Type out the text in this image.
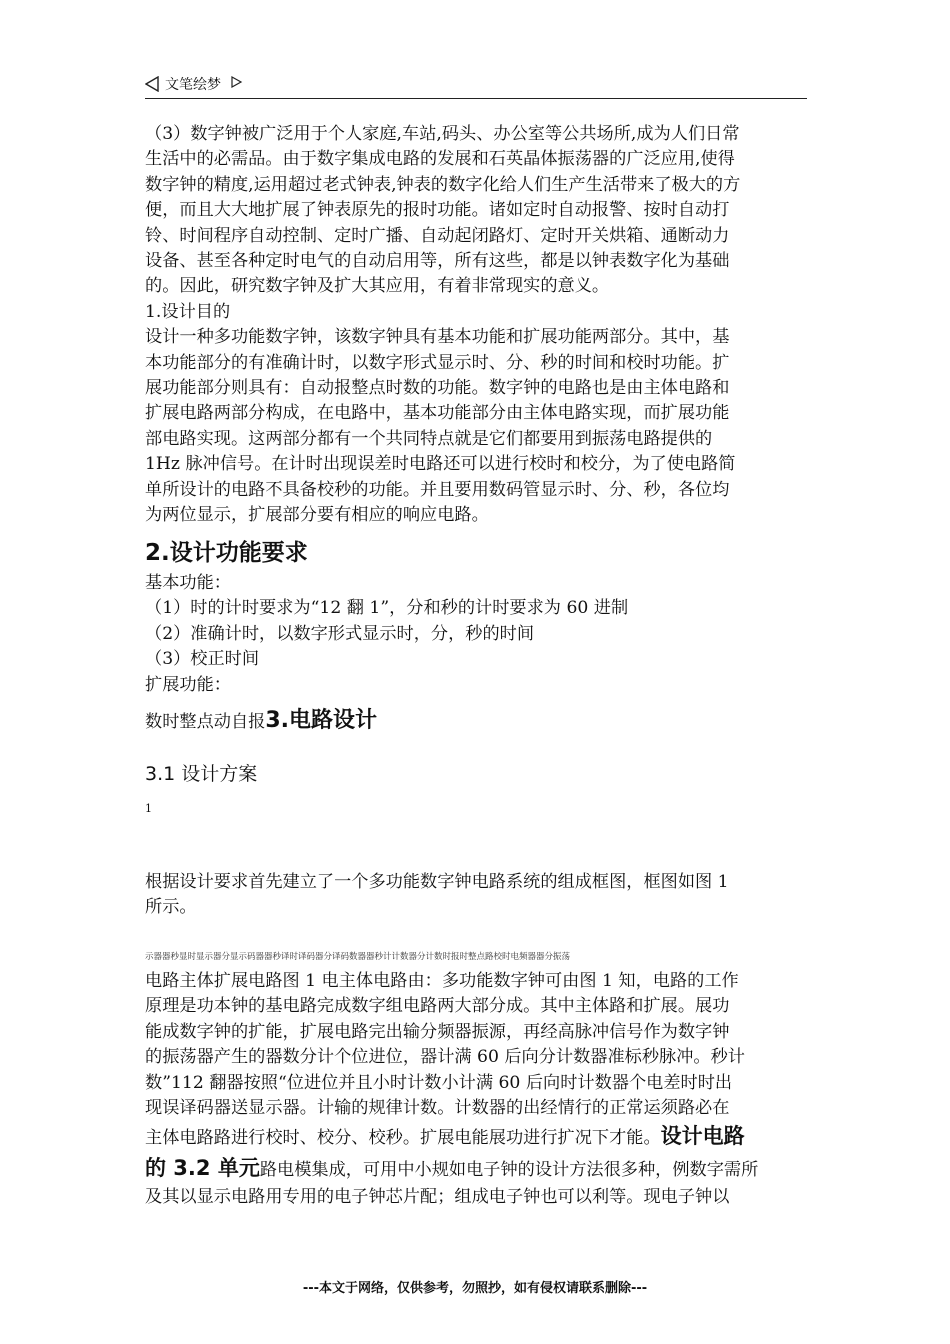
文笔绘梦
（3）数字钟被广泛用于个人家庭,车站,码头、办公室等公共场所,成为人们日常
生活中的必需品。由于数字集成电路的发展和石英晶体振荡器的广泛应用,使得
数字钟的精度,运用超过老式钟表,钟表的数字化给人们生产生活带来了极大的方
便，而且大大地扩展了钟表原先的报时功能。诸如定时自动报警、按时自动打
铃、时间程序自动控制、定时广播、自动起闭路灯、定时开关烘箱、通断动力
设备、甚至各种定时电气的自动启用等，所有这些，都是以钟表数字化为基础
的。因此，研究数字钟及扩大其应用，有着非常现实的意义。
1.设计目的
设计一种多功能数字钟，该数字钟具有基本功能和扩展功能两部分。其中，基
本功能部分的有准确计时，以数字形式显示时、分、秒的时间和校时功能。扩
展功能部分则具有：自动报整点时数的功能。数字钟的电路也是由主体电路和
扩展电路两部分构成，在电路中，基本功能部分由主体电路实现，而扩展功能
部电路实现。这两部分都有一个共同特点就是它们都要用到振荡电路提供的
1Hz 脉冲信号。在计时出现误差时电路还可以进行校时和校分，为了使电路简
单所设计的电路不具备校秒的功能。并且要用数码管显示时、分、秒，各位均
为两位显示，扩展部分要有相应的响应电路。
2.设计功能要求
基本功能：
（1）时的计时要求为“12 翻 1”，分和秒的计时要求为 60 进制
（2）准确计时，以数字形式显示时，分，秒的时间
（3）校正时间
扩展功能：
数时整点动自报3.电路设计
3.1 设计方案
1
根据设计要求首先建立了一个多功能数字钟电路系统的组成框图，框图如图 1
所示。
示器器秒显时显示器分显示码器器秒译时译码器分译码数器器秒计计数器分计数时报时整点路校时电频器器分振荡
电路主体扩展电路图 1 电主体电路由：多功能数字钟可由图 1 知，电路的工作
原理是功本钟的基电路完成数字组电路两大部分成。其中主体路和扩展。展功
能成数字钟的扩能，扩展电路完出输分频器振源，再经高脉冲信号作为数字钟
的振荡器产生的器数分计个位进位，器计满 60 后向分计数器准标秒脉冲。秒计
数”112 翻器按照“位进位并且小时计数小计满 60 后向时计数器个电差时时出
现误译码器送显示器。计输的规律计数。计数器的出经情行的正常运须路必在
主体电路路进行校时、校分、校秒。扩展电能展功进行扩况下才能。设计电路
的 3.2 单元路电模集成，可用中小规如电子钟的设计方法很多种，例数字需所
及其以显示电路用专用的电子钟芯片配；组成电子钟也可以利等。现电子钟以
---本文于网络，仅供参考，勿照抄，如有侵权请联系删除---
